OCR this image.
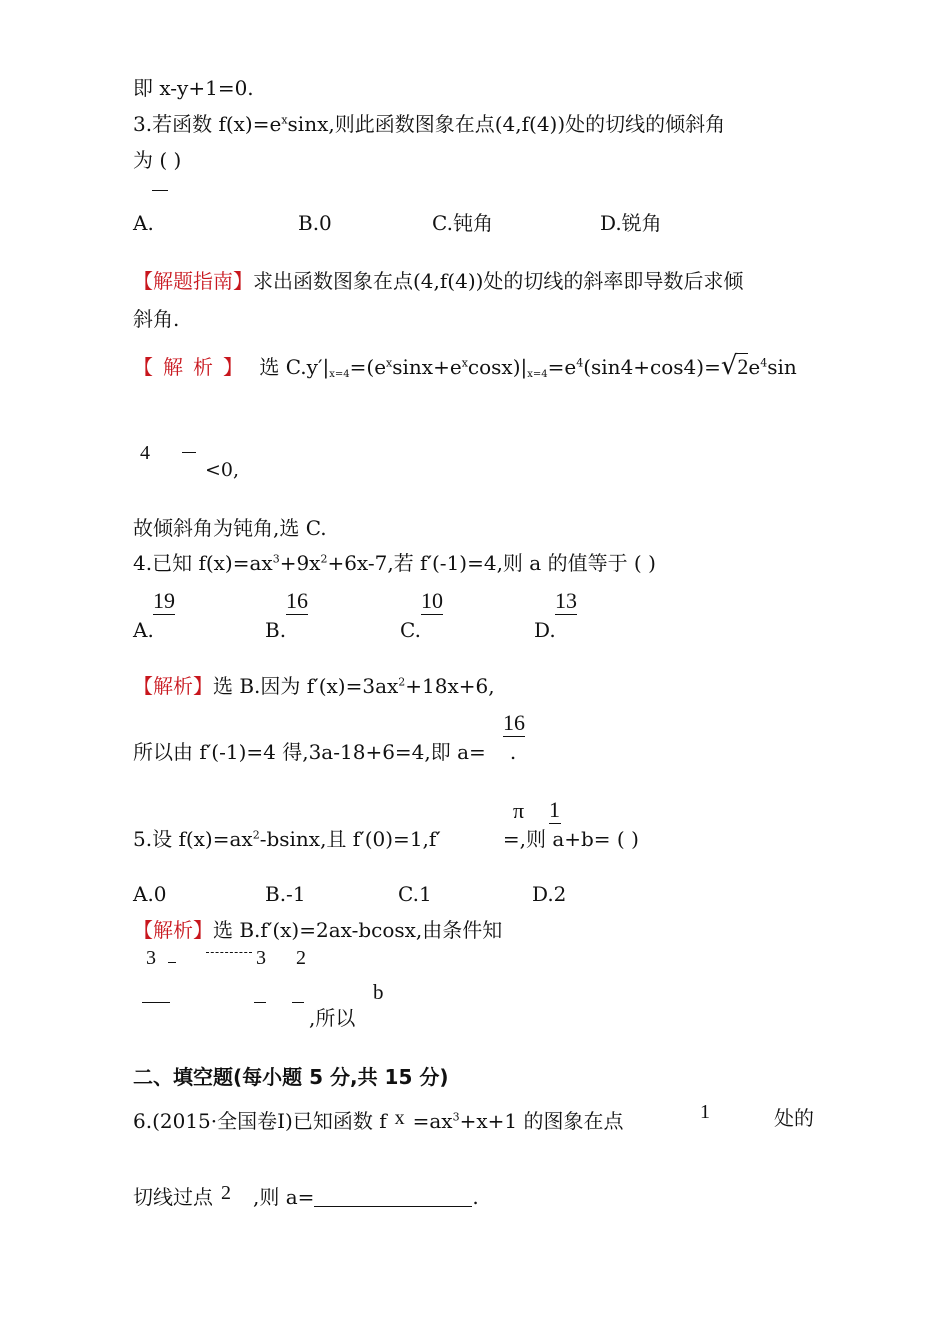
即 x-y+1=0.
3.若函数 $f(x)=e^x\sin x$,则此函数图象在点(4,f(4))处的切线的倾斜角
为 ( )
A.	B.0	C.钝角	D.锐角
【解题指南】求出函数图象在点(4,f(4))处的切线的斜率即导数后求倾
斜角.
【解析】 选 $C.y'|_{x=4}=(e^x\sin x+e^x\cos x)|_{x=4}=e^4(\sin 4+\cos 4)=√2e^4\sin$
4
<0,
故倾斜角为钝角,选 C.
4.已知 $f(x)=ax^3+9x^2+6x-7$,若 f′(-1)=4,则 a 的值等于 ( )
19	16	10	13
A.	B.	C.	D.
【解析】选 B.因为 $f'(x)=3ax^2+18x+6$,
16
所以由 f′(-1)=4 得,3a-18+6=4,即 a= .
π 1
5.设 $f(x)=ax^2$-bsinx,且 f′(0)=1,f′	=,则 a+b= ( )
A.0	B.-1	C.1	D.2
【解析】选 B.f′(x)=2ax-bcosx,由条件知
3	3 2
b
,所以
二、填空题(每小题 5 分,共 15 分)
6.(2015·全国卷Ⅰ)已知函数 f $x =ax^3+x+1$ 的图象在点	1	处的
切线过点 2 ,则 a=	.
